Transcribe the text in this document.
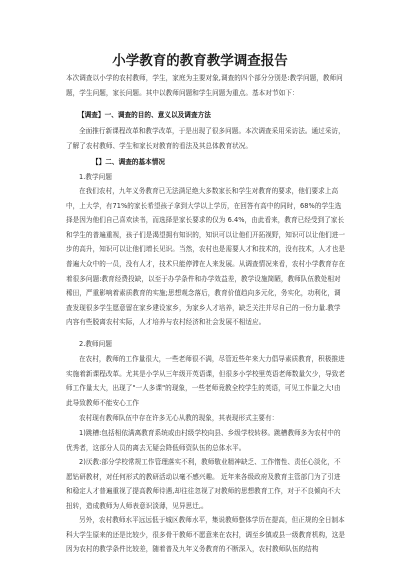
小学教育的教育教学调查报告
本次调查以小学的农村教师，学生，家庭为主要对象,调查的四个部分分别是:教学问题，教师问题，学生问题，家长问题。其中以教师问题和学生问题为重点。基本对节如下：
【调查】一、调查的目的、意义以及调查方法
全面推行新课程改革和教学改革，于是出现了很多问题。本次调查采用采访法。通过采访，了解了农村教师、学生和家长对教育的看法及其总体教育状况。
【】二、调查的基本情况
1.教学问题
在我们农村，九年义务教育已无法满足绝大多数家长和学生对教育的要求，他们要求上高中，上大学，有71%的家长希望孩子拿到大学以上学历，在回答有高中的同时，68%的学生选择是因为他们自己喜欢读书，而选择是家长要求的仅为 6.4%，由此看来，教育已经受到了家长和学生的普遍重视，孩子们是渴望拥有知识的，知识可以让他们开拓视野，知识可以让他们进一步的高升，知识可以让他们增长见识。当然，农村也是需要人才和技术的，没有技术，人才也是普遍大众中的一员，没有人才，技术只能停滞在人来发展。从调查情况来看，农村小学教育存在着很多问题:教育经费投缺，以至于办学条件和办学效益差，教学设施简陋，教师队伍教处相对稀田，严重影响着素质教育的实施;思想观念落后，教育价值趋向多元化，务实化，功利化，调查发现很多学生愿意留在家乡建设家乡，为家乡人才培养，缺乏关注并尽自己的一份力量.教学内容有些脱离农村实际，人才培养与农村经济和社会发展不相适应。
2.教师问题
在农村，教师的工作量很大，一些老师很不满，尽管近些年来大力倡导素质教育，积极推进实施着新课程改革。尤其是小学从三年级开英语课，但很多小学校里英语老师数量欠少，导致老师工作量太大，出现了"一人多课"的现象，一些老师竟教全校学生的英语，可见工作量之大!由此导致教师不能安心工作
农村现有教师队伍中存在许多无心从教的现象，其表现形式主要有：
1)跳槽:包括相依满离教育系统或由村级学校向县、乡级学校转移。跳槽教师多为农村中的优秀者，这部分人员的离去无疑会降低师资队伍的总体水平。
2)厌教:部分学校常规工作管理落实不利，教师敬业精神缺乏、工作惰性、责任心淡化，不愿钻研教材，对任何形式的教研活动以毫不感兴趣。 近年来各级政府及教育主管部门为了引进和稳定人才普遍重视了提高教师待遇,却往往忽视了对教师的思想教育工作，对于不良倾向不大扭转，造成教师为人师表意识淡薄，见异思迁,。
另外，农村教师水平远远低于城区教师水平，集说教师整体学历在提高，但正规的全日制本科大学生原来的还是比较少，很多骨干教师不愿意来在农村，调至乡镇或县一级教育机构，这是因为农村的教学条件比较差，随着普及九年义务教育的不断深入，农村教师队伍的结构
